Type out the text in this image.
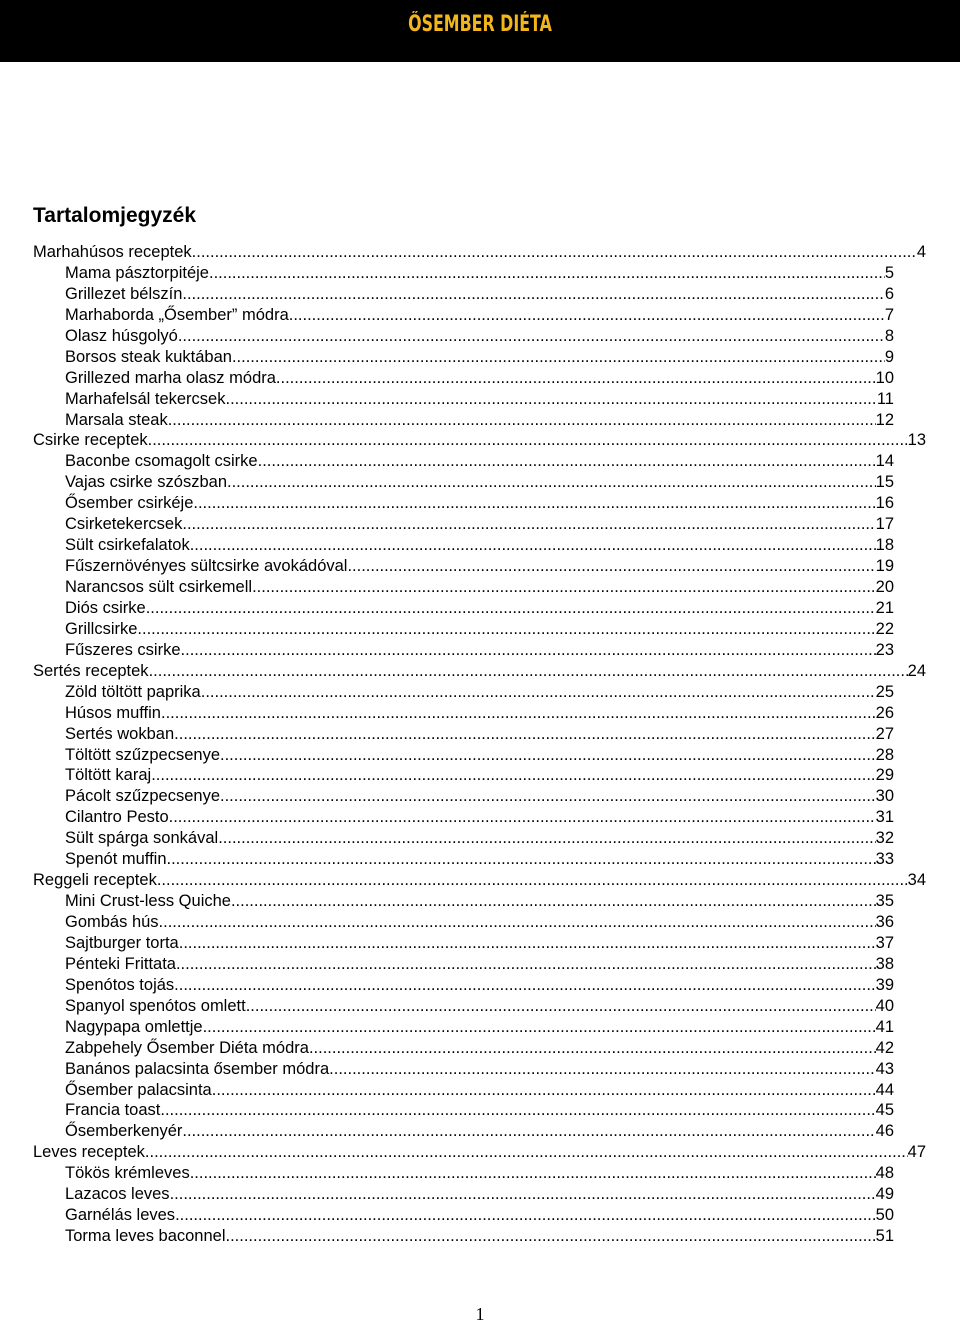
ŐSEMBER DIÉTA
Tartalomjegyzék
Marhahúsos receptek .....	4
Mama pásztorpitéje .....	5
Grillezet bélszín .....	6
Marhaborda „Ősember” módra .....	7
Olasz húsgolyó .....	8
Borsos steak kuktában .....	9
Grillezed marha olasz módra .....	10
Marhafelsál tekercsek .....	11
Marsala steak .....	12
Csirke receptek .....	13
Baconbe csomagolt csirke .....	14
Vajas csirke szószban .....	15
Ősember csirkéje .....	16
Csirketekercsek .....	17
Sült csirkefalatok .....	18
Fűszernövényes sültcsirke avokádóval .....	19
Narancsos sült csirkemell .....	20
Diós csirke .....	21
Grillcsirke .....	22
Fűszeres csirke .....	23
Sertés receptek .....	24
Zöld töltött paprika .....	25
Húsos muffin .....	26
Sertés wokban .....	27
Töltött szűzpecsenye .....	28
Töltött karaj .....	29
Pácolt szűzpecsenye .....	30
Cilantro Pesto .....	31
Sült spárga sonkával .....	32
Spenót muffin .....	33
Reggeli receptek .....	34
Mini Crust-less Quiche .....	35
Gombás hús .....	36
Sajtburger torta .....	37
Pénteki Frittata .....	38
Spenótos tojás .....	39
Spanyol spenótos omlett .....	40
Nagypapa omlettje .....	41
Zabpehely Ősember Diéta módra .....	42
Banános palacsinta ősember módra .....	43
Ősember palacsinta .....	44
Francia toast .....	45
Ősemberkenyér .....	46
Leves receptek .....	47
Tökös krémleves .....	48
Lazacos leves .....	49
Garnélás leves .....	50
Torma leves baconnel .....	51
1
